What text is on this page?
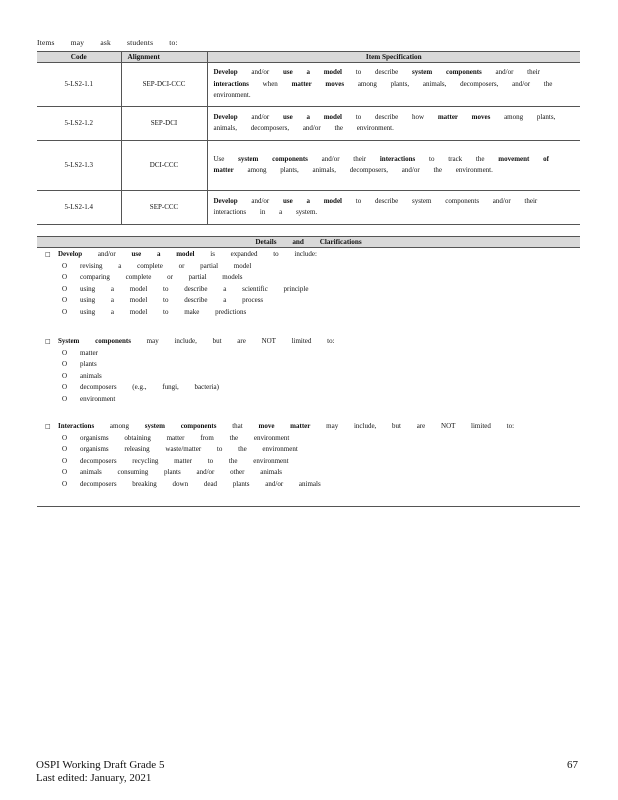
Items may ask students to:
Code	Alignment	Item Specification
5-LS2-1.1	SEP-DCI-CCC	Develop and/or use a model to describe system components and/or their interactions when matter moves among plants, animals, decomposers, and/or the environment.
5-LS2-1.2	SEP-DCI	Develop and/or use a model to describe how matter moves among plants, animals, decomposers, and/or the environment.
5-LS2-1.3	DCI-CCC	Use system components and/or their interactions to track the movement of matter among plants, animals, decomposers, and/or the environment.
5-LS2-1.4	SEP-CCC	Develop and/or use a model to describe system components and/or their interactions in a system.
Details and Clarifications
□ Develop and/or use a model is expanded to include:
O revising a complete or partial model
O comparing complete or partial models
O using a model to describe a scientific principle
O using a model to describe a process
O using a model to make predictions
□ System components may include, but are NOT limited to:
O matter
O plants
O animals
O decomposers (e.g., fungi, bacteria)
O environment
□ Interactions among system components that move matter may include, but are NOT limited to:
O organisms obtaining matter from the environment
O organisms releasing waste/matter to the environment
O decomposers recycling matter to the environment
O animals consuming plants and/or other animals
O decomposers breaking down dead plants and/or animals
OSPI Working Draft Grade 5
Last edited: January, 2021
67
